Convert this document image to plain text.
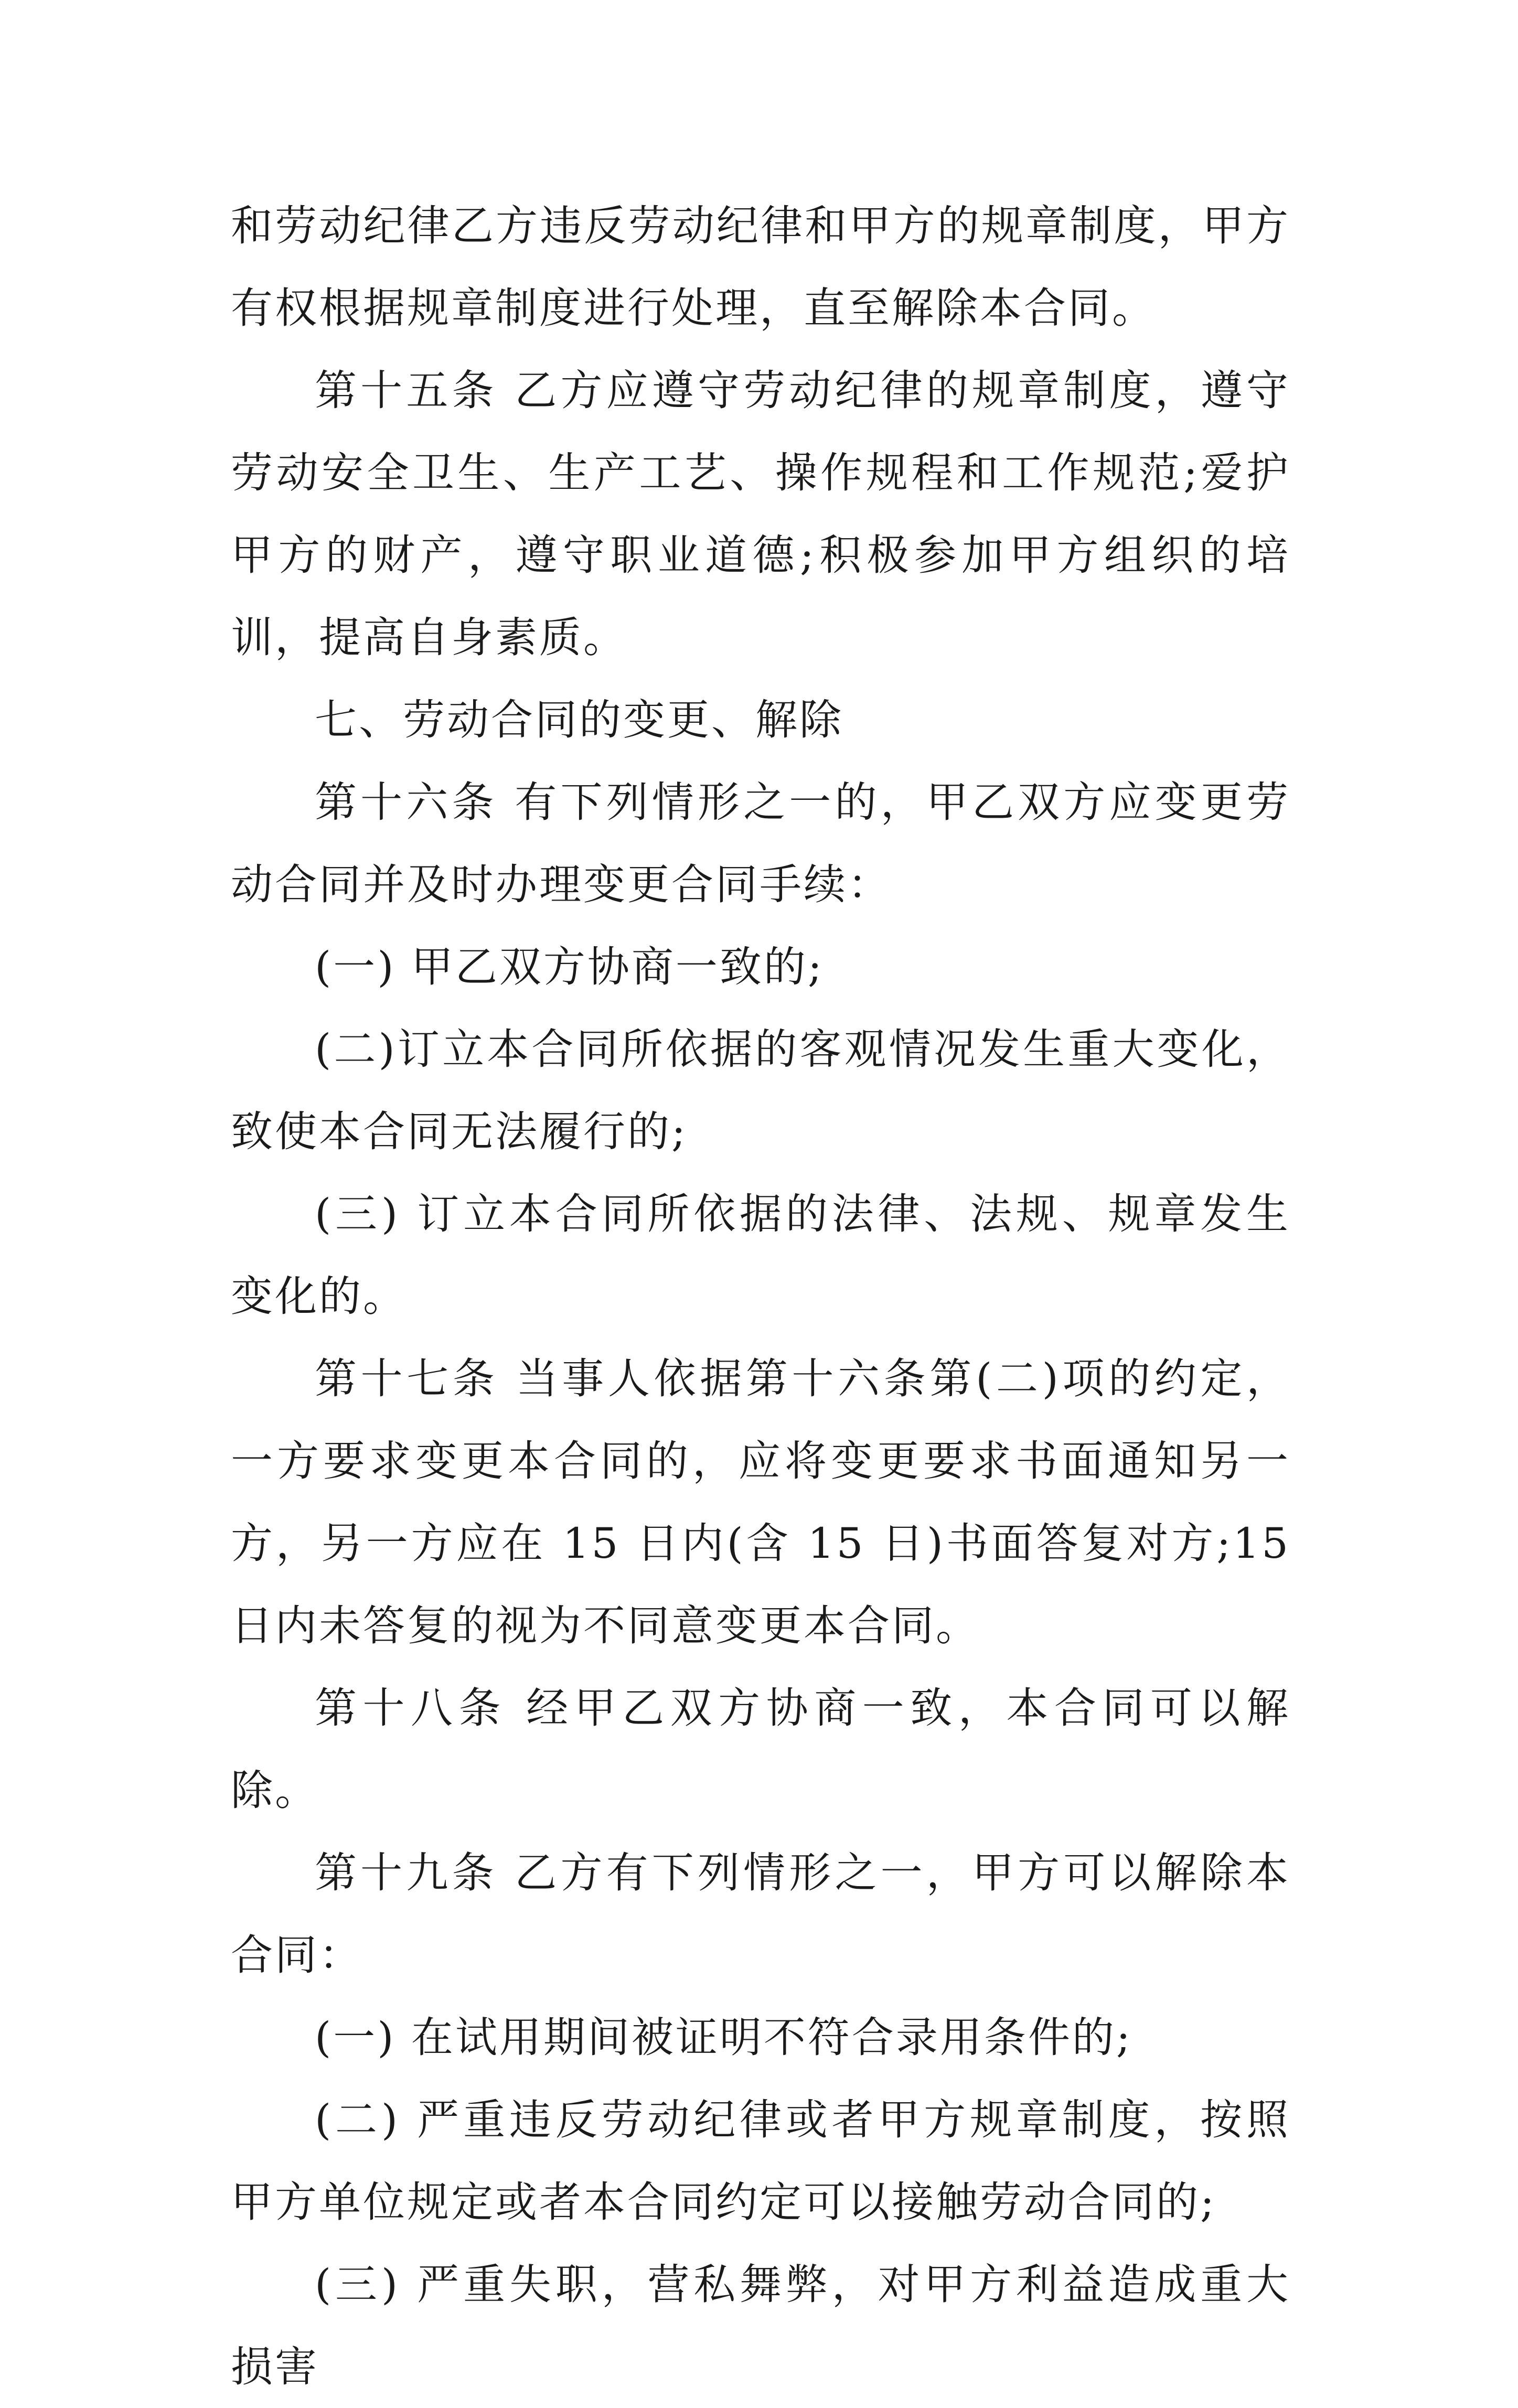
和劳动纪律乙方违反劳动纪律和甲方的规章制度，甲方有权根据规章制度进行处理，直至解除本合同。

第十五条 乙方应遵守劳动纪律的规章制度，遵守劳动安全卫生、生产工艺、操作规程和工作规范;爱护甲方的财产，遵守职业道德;积极参加甲方组织的培训，提高自身素质。

七、劳动合同的变更、解除

第十六条 有下列情形之一的，甲乙双方应变更劳动合同并及时办理变更合同手续：

(一) 甲乙双方协商一致的;

(二)订立本合同所依据的客观情况发生重大变化，致使本合同无法履行的;

(三) 订立本合同所依据的法律、法规、规章发生变化的。

第十七条 当事人依据第十六条第(二)项的约定，一方要求变更本合同的，应将变更要求书面通知另一方，另一方应在 15 日内(含 15 日)书面答复对方;15 日内未答复的视为不同意变更本合同。

第十八条 经甲乙双方协商一致，本合同可以解除。

第十九条 乙方有下列情形之一，甲方可以解除本合同：

(一) 在试用期间被证明不符合录用条件的;

(二) 严重违反劳动纪律或者甲方规章制度，按照甲方单位规定或者本合同约定可以接触劳动合同的;

(三) 严重失职，营私舞弊，对甲方利益造成重大损害
